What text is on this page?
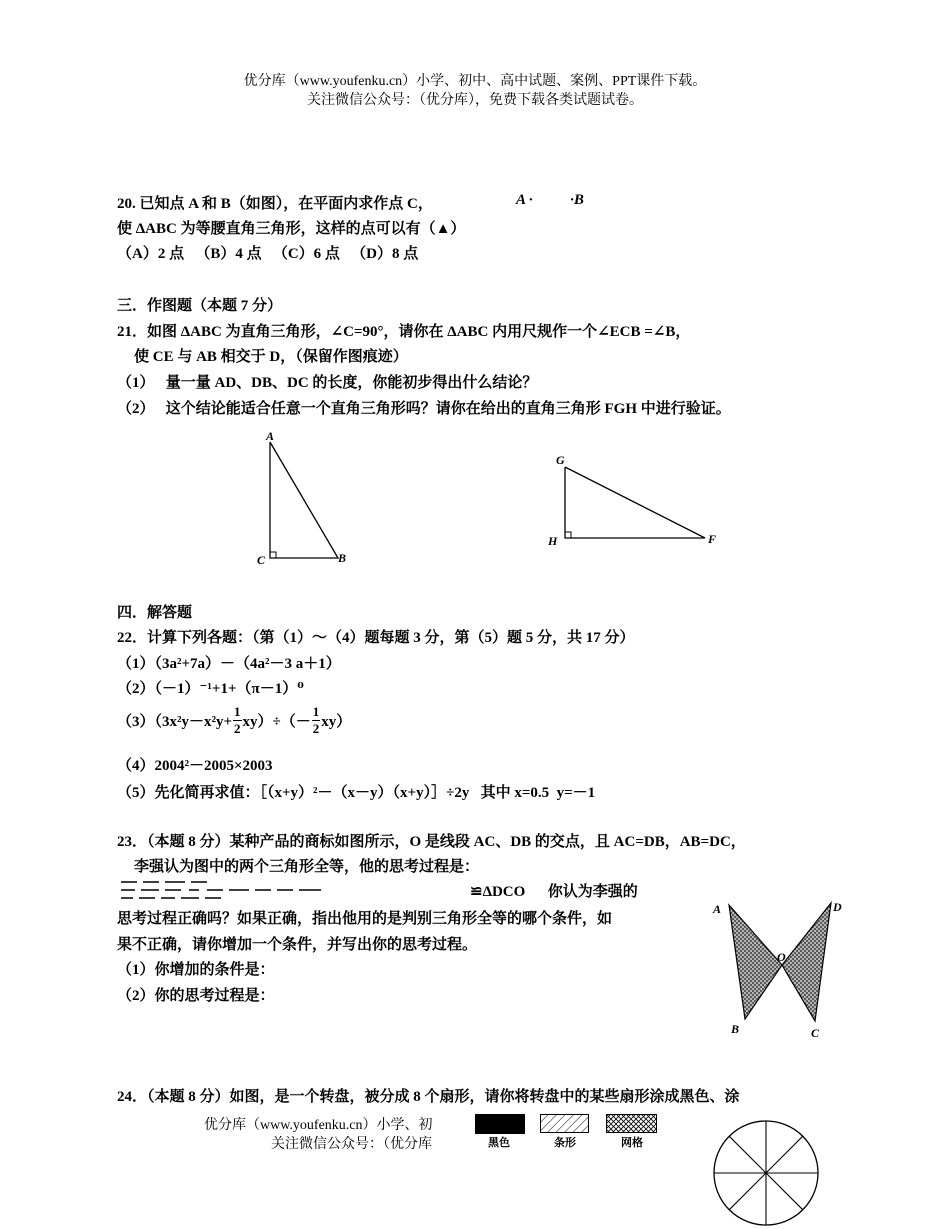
优分库（www.youfenku.cn）小学、初中、高中试题、案例、PPT课件下载。
关注微信公众号：（优分库），免费下载各类试题试卷。
20. 已知点 A 和 B（如图），在平面内求作点 C，	A ·          ·B
使 ΔABC 为等腰直角三角形，这样的点可以有（▲）
（A）2 点   （B）4 点   （C）6 点   （D）8 点
三．作图题（本题 7 分）
21．如图 ΔABC 为直角三角形，∠C=90°，请你在 ΔABC 内用尺规作一个∠ECB =∠B，
使 CE 与 AB 相交于 D，（保留作图痕迹）
（1）   量一量 AD、DB、DC 的长度，你能初步得出什么结论？
（2）   这个结论能适合任意一个直角三角形吗？请你在给出的直角三角形 FGH 中进行验证。
A
C	B
G
H	F
四．解答题
22．计算下列各题：（第（1）～（4）题每题 3 分，第（5）题 5 分，共 17 分）
（1）（3a²+7a）－（4a²－3 a＋1）
（2）（－1）⁻¹+1+（π－1）⁰
$(3)(3x^2y-x^2y+ \frac{1}{2} xy)\div(- \frac{1}{2} xy)$
（4）2004²－2005×2003
（5）先化简再求值：［（x+y）²－（x－y）（x+y）］÷2y   其中 x=0.5  y=－1
23．（本题 8 分）某种产品的商标如图所示，O 是线段 AC、DB 的交点，且 AC=DB，AB=DC，
李强认为图中的两个三角形全等，他的思考过程是：
≌ΔDCO      你认为李强的
思考过程正确吗？如果正确，指出他用的是判别三角形全等的哪个条件，如
果不正确，请你增加一个条件，并写出你的思考过程。
（1）你增加的条件是：
（2）你的思考过程是：
A	D
O
B	C
24．（本题 8 分）如图，是一个转盘，被分成 8 个扇形，请你将转盘中的某些扇形涂成黑色、涂
优分库（www.youfenku.cn）小学、初
关注微信公众号：（优分库	黑色	条形	网格
